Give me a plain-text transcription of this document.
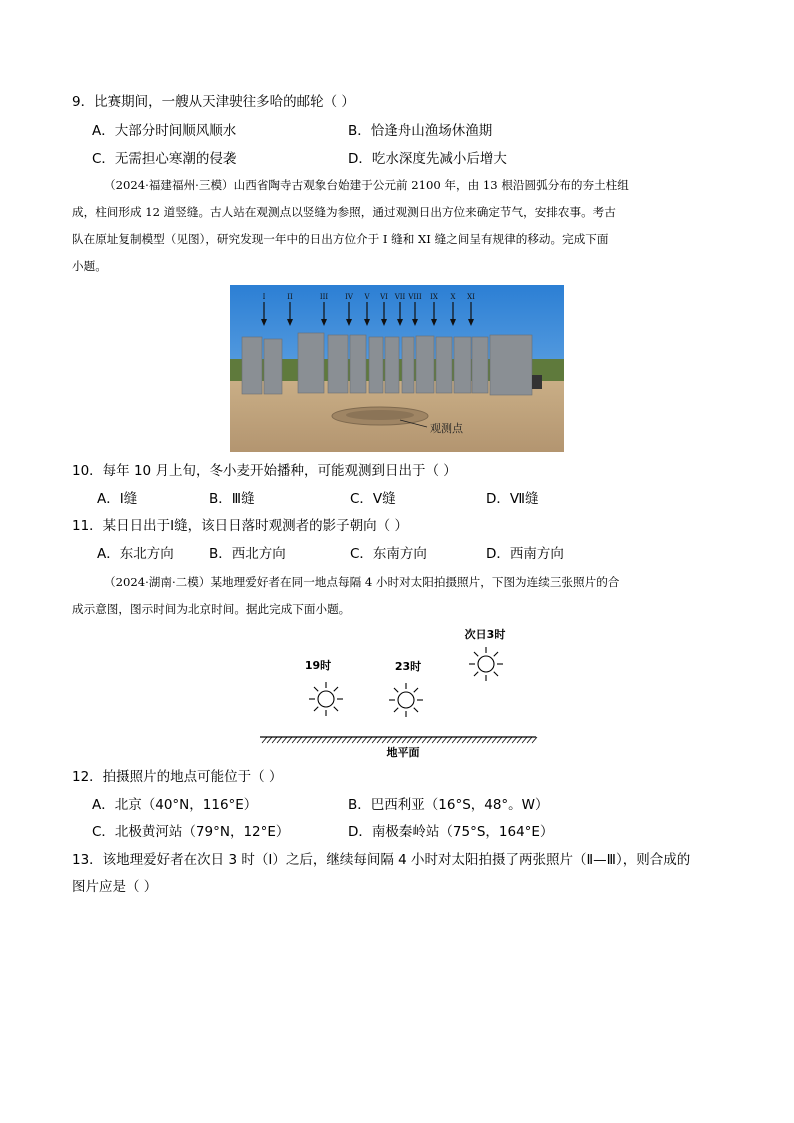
9．比赛期间，一艘从天津驶往多哈的邮轮（ ）
A．大部分时间顺风顺水	B．恰逢舟山渔场休渔期
C．无需担心寒潮的侵袭	D．吃水深度先减小后增大
（2024·福建福州·三模）山西省陶寺古观象台始建于公元前 2100 年，由 13 根沿圆弧分布的夯土柱组
成，柱间形成 12 道竖缝。古人站在观测点以竖缝为参照，通过观测日出方位来确定节气，安排农事。考古
队在原址复制模型（见图），研究发现一年中的日出方位介于 I 缝和 XI 缝之间呈有规律的移动。完成下面
小题。
观测点
I	II	III IV V VI VII VIII IX X XI
10．每年 10 月上旬，冬小麦开始播种，可能观测到日出于（ ）
A．Ⅰ缝	B．Ⅲ缝	C．Ⅴ缝	D．Ⅶ缝
11．某日日出于Ⅰ缝，该日日落时观测者的影子朝向（ ）
A．东北方向	B．西北方向	C．东南方向	D．西南方向
（2024·湖南·二模）某地理爱好者在同一地点每隔 4 小时对太阳拍摄照片，下图为连续三张照片的合
成示意图，图示时间为北京时间。据此完成下面小题。
19时	23时
次日3时
地平面
12．拍摄照片的地点可能位于（ ）
A．北京（40°N，116°E）	B．巴西利亚（16°S，48°。W）
C．北极黄河站（79°N，12°E）	D．南极秦岭站（75°S，164°E）
13．该地理爱好者在次日 3 时（Ⅰ）之后，继续每间隔 4 小时对太阳拍摄了两张照片（Ⅱ—Ⅲ），则合成的
图片应是（ ）
